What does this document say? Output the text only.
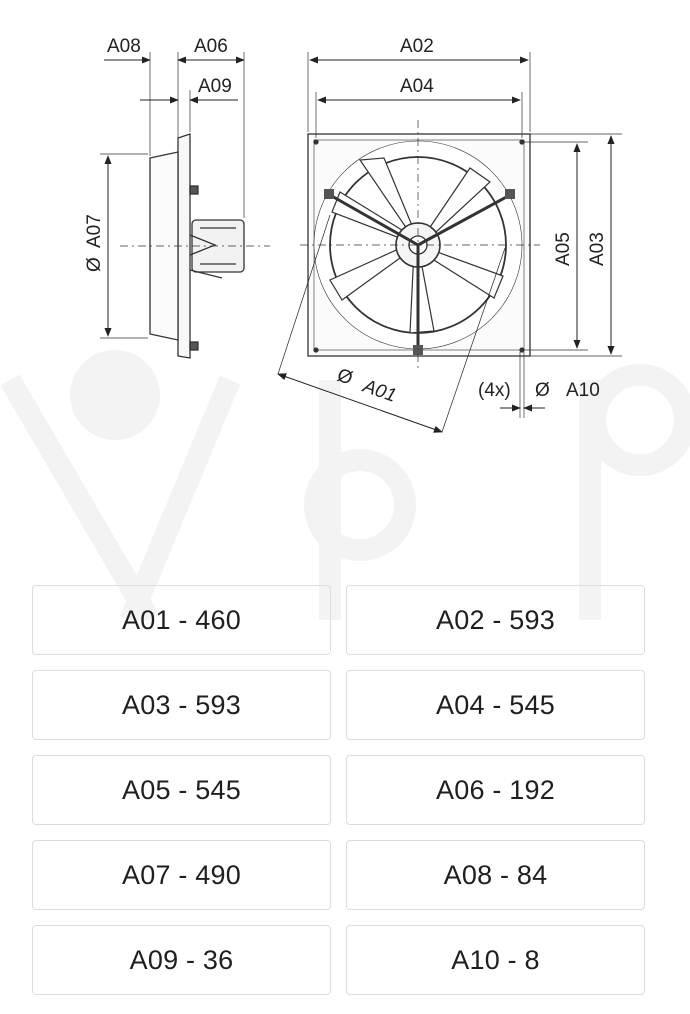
A08	A06
A09
Ø
A07
A02
A04
A05 A03
Ø A01	(4x) Ø A10
A01 - 460	A02 - 593
A03 - 593	A04 - 545
A05 - 545	A06 - 192
A07 - 490	A08 - 84
A09 - 36	A10 - 8
